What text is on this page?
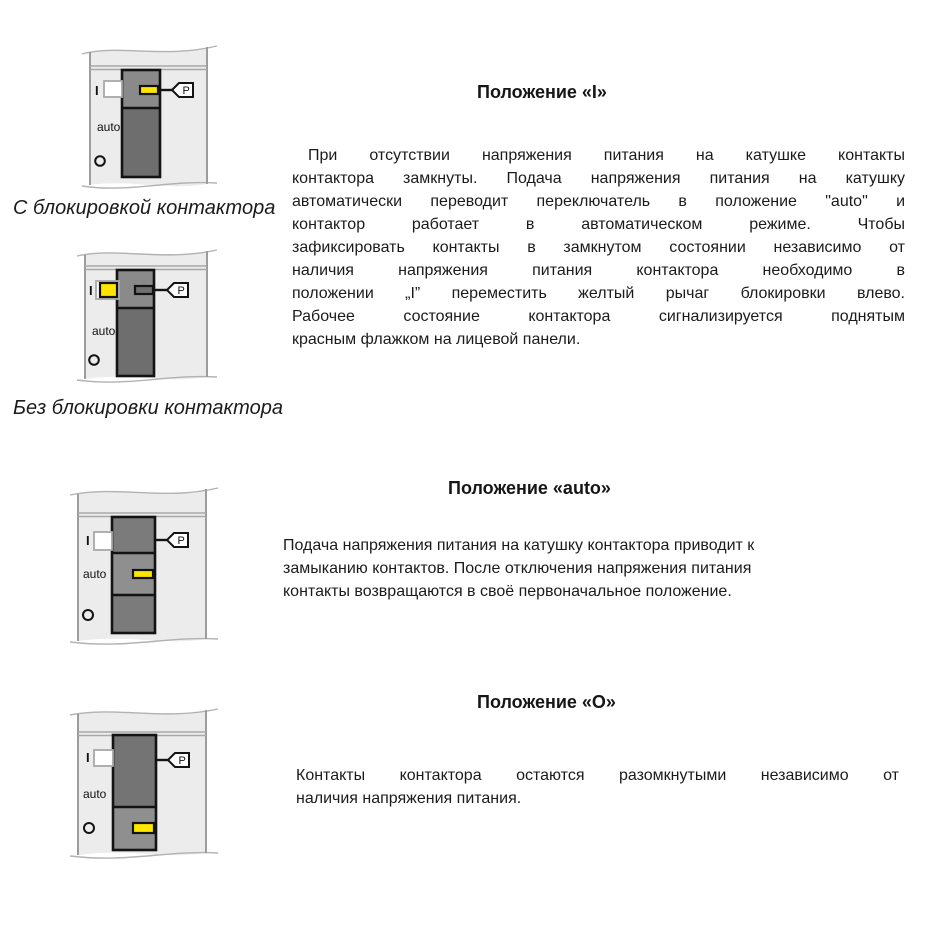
P
I
auto
С блокировкой контактора
P
I
auto
Без блокировки контактора
P
I
auto
P
I
auto
Положение «I»
При отсутствии напряжения питания на катушке контакты
контактора замкнуты. Подача напряжения питания на катушку
автоматически переводит переключатель в положение "auto" и
контактор работает в автоматическом режиме. Чтобы
зафиксировать контакты в замкнутом состоянии независимо от
наличия напряжения питания контактора необходимо в
положении „I” переместить желтый рычаг блокировки влево.
Рабочее состояние контактора сигнализируется поднятым
красным флажком на лицевой панели.
Положение «auto»
Подача напряжения питания на катушку контактора приводит к
замыканию контактов. После отключения напряжения питания
контакты возвращаются в своё первоначальное положение.
Положение «О»
Контакты контактора остаются разомкнутыми независимо от
наличия напряжения питания.
